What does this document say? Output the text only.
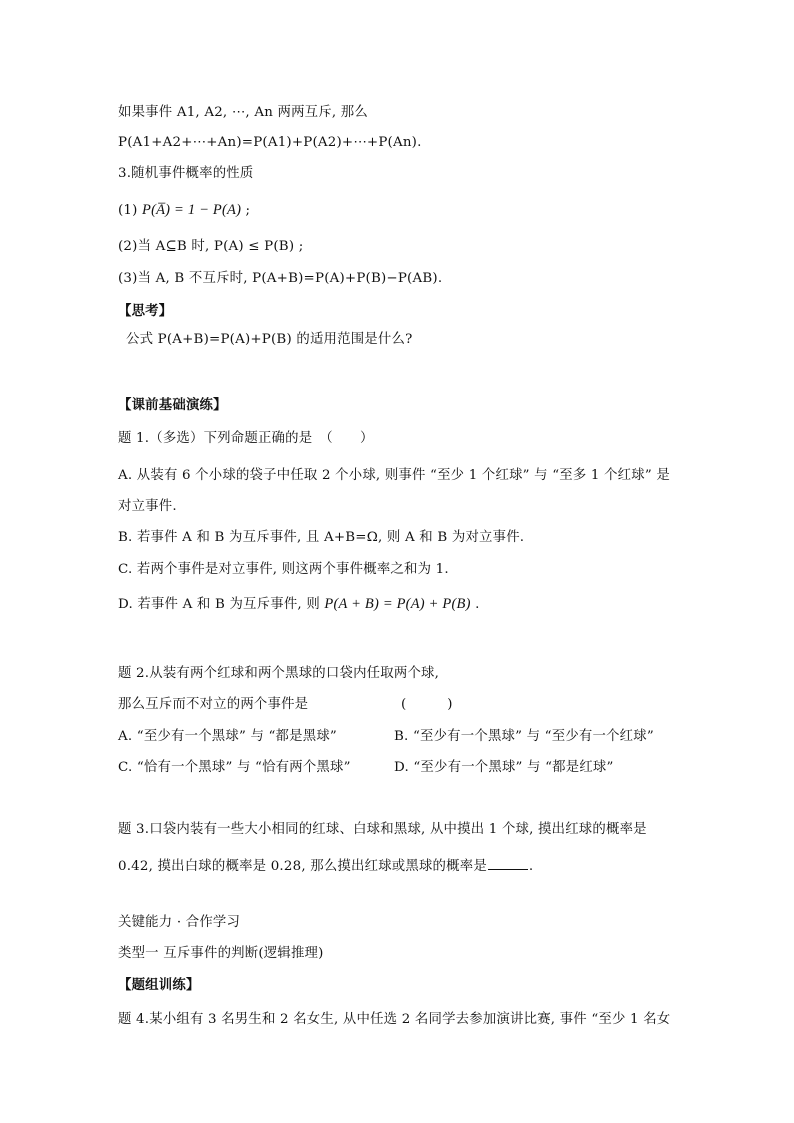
如果事件 A1, A2, ⋯, An 两两互斥, 那么
P(A1+A2+⋯+An)=P(A1)+P(A2)+⋯+P(An).
3.随机事件概率的性质
(1) P(A̅) = 1 − P(A) ;
(2)当 A⊆B 时, P(A) ≤ P(B) ;
(3)当 A, B 不互斥时, P(A+B)=P(A)+P(B)−P(AB).
【思考】
公式 P(A+B)=P(A)+P(B) 的适用范围是什么?
【课前基础演练】
题 1.（多选）下列命题正确的是　（　　）
A. 从装有 6 个小球的袋子中任取 2 个小球, 则事件 “至少 1 个红球” 与 “至多 1 个红球” 是
对立事件.
B. 若事件 A 和 B 为互斥事件, 且 A+B=Ω, 则 A 和 B 为对立事件.
C. 若两个事件是对立事件, 则这两个事件概率之和为 1.
D. 若事件 A 和 B 为互斥事件, 则 P(A + B) = P(A) + P(B) .
题 2.从装有两个红球和两个黑球的口袋内任取两个球,
那么互斥而不对立的两个事件是	(　　　)
A. “至少有一个黑球” 与 “都是黑球”	B. “至少有一个黑球” 与 “至少有一个红球”
C. “恰有一个黑球” 与 “恰有两个黑球”	D. “至少有一个黑球” 与 “都是红球”
题 3.口袋内装有一些大小相同的红球、白球和黑球, 从中摸出 1 个球, 摸出红球的概率是
0.42, 摸出白球的概率是 0.28, 那么摸出红球或黑球的概率是	.
关键能力 · 合作学习
类型一 互斥事件的判断(逻辑推理)
【题组训练】
题 4.某小组有 3 名男生和 2 名女生, 从中任选 2 名同学去参加演讲比赛, 事件 “至少 1 名女
